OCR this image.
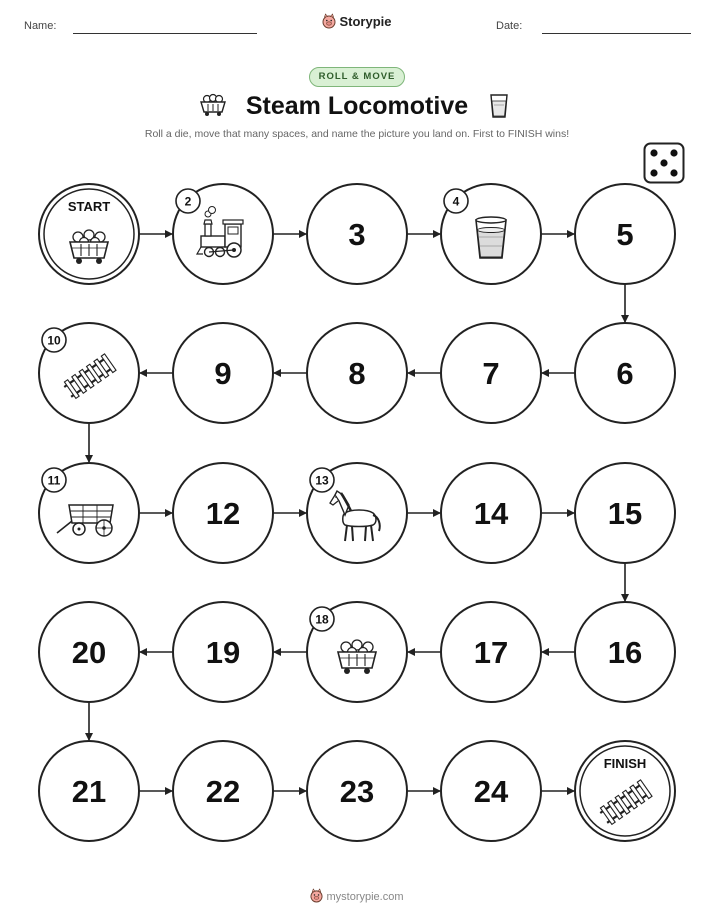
Name:	Storypie	Date:
ROLL & MOVE
Steam Locomotive
Roll a die, move that many spaces, and name the picture you land on. First to FINISH wins!
START	2
3
4
5
6
7
8
9
10
11
12
13
14	15
16
17
18
19
20
21	22	23	24
FINISH
mystorypie.com
